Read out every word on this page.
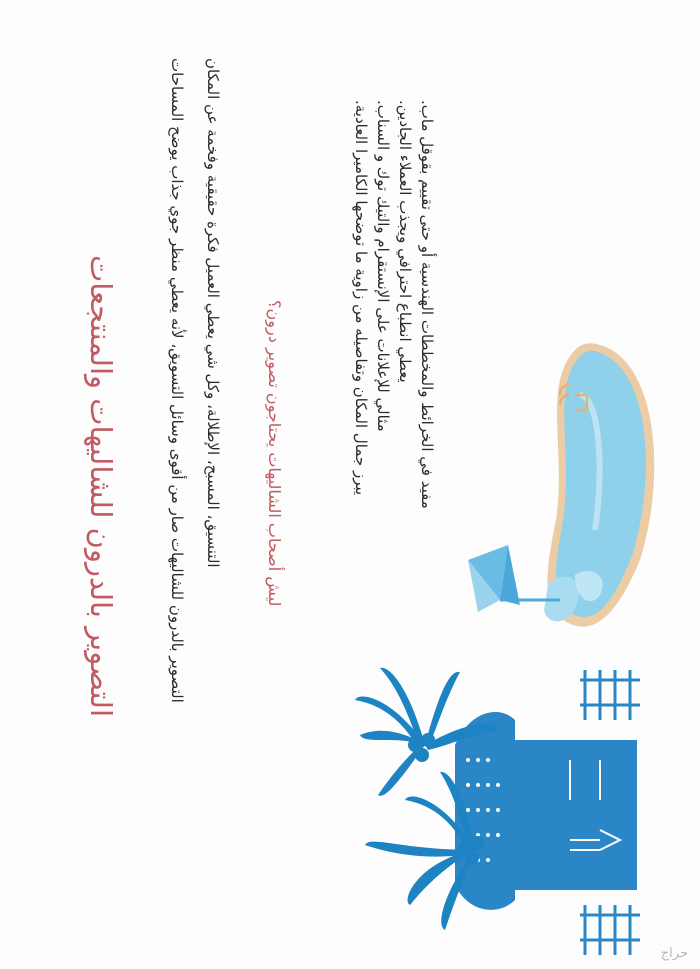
التصوير بالدرون للشاليهات والمنتجعات	التصوير بالدرون للشاليهات صار من أقوى وسائل التسويق، لأنه يعطي منظر جوي جذاب يوضح المساحات التنسيق، المسبح، الإطلالة، وكل شي يعطي العميل فكرة حقيقية وفخمة عن المكان	ليش أصحاب الشاليهات يحتاجون تصوير درون؟	يبرز جمال المكان وتفاصيله من زاوية ما توضحها الكاميرا العادية. مثالي للإعلانات على الإنستقرام والتيك توك و السناب. يعطي انطباع احترافي ويجذب العملاء الجادين. مفيد في الخرائط والمخططات الهندسية أو حتى تقييم بقوقل ماب.
حراج
